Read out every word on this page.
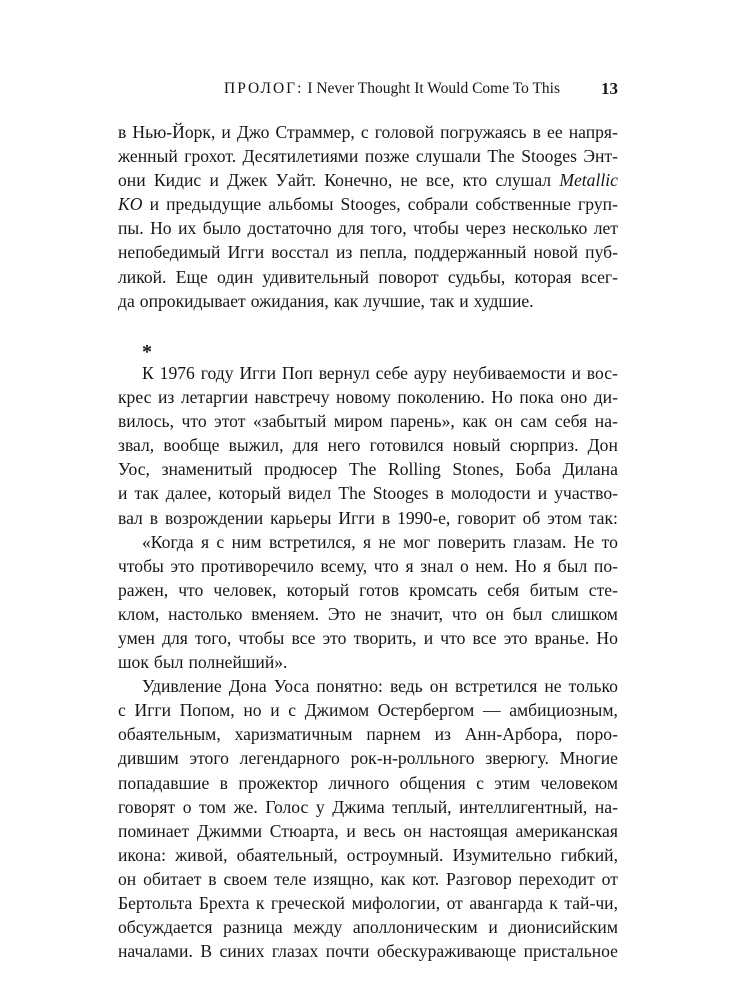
ПРОЛОГ: I Never Thought It Would Come To This 13
в Нью-Йорк, и Джо Страммер, с головой погружаясь в ее напря-
женный грохот. Десятилетиями позже слушали The Stooges Энт-
они Кидис и Джек Уайт. Конечно, не все, кто слушал Metallic
KO и предыдущие альбомы Stooges, собрали собственные груп-
пы. Но их было достаточно для того, чтобы через несколько лет
непобедимый Игги восстал из пепла, поддержанный новой пуб-
ликой. Еще один удивительный поворот судьбы, которая всег-
да опрокидывает ожидания, как лучшие, так и худшие.
*
К 1976 году Игги Поп вернул себе ауру неубиваемости и вос-
крес из летаргии навстречу новому поколению. Но пока оно ди-
вилось, что этот «забытый миром парень», как он сам себя на-
звал, вообще выжил, для него готовился новый сюрприз. Дон
Уос, знаменитый продюсер The Rolling Stones, Боба Дилана
и так далее, который видел The Stooges в молодости и участво-
вал в возрождении карьеры Игги в 1990-е, говорит об этом так:
«Когда я с ним встретился, я не мог поверить глазам. Не то
чтобы это противоречило всему, что я знал о нем. Но я был по-
ражен, что человек, который готов кромсать себя битым сте-
клом, настолько вменяем. Это не значит, что он был слишком
умен для того, чтобы все это творить, и что все это вранье. Но
шок был полнейший».
Удивление Дона Уоса понятно: ведь он встретился не только
с Игги Попом, но и с Джимом Остербергом — амбициозным,
обаятельным, харизматичным парнем из Анн-Арбора, поро-
дившим этого легендарного рок-н-ролльного зверюгу. Многие
попадавшие в прожектор личного общения с этим человеком
говорят о том же. Голос у Джима теплый, интеллигентный, на-
поминает Джимми Стюарта, и весь он настоящая американская
икона: живой, обаятельный, остроумный. Изумительно гибкий,
он обитает в своем теле изящно, как кот. Разговор переходит от
Бертольта Брехта к греческой мифологии, от авангарда к тай-чи,
обсуждается разница между аполлоническим и дионисийским
началами. В синих глазах почти обескураживающе пристальное
